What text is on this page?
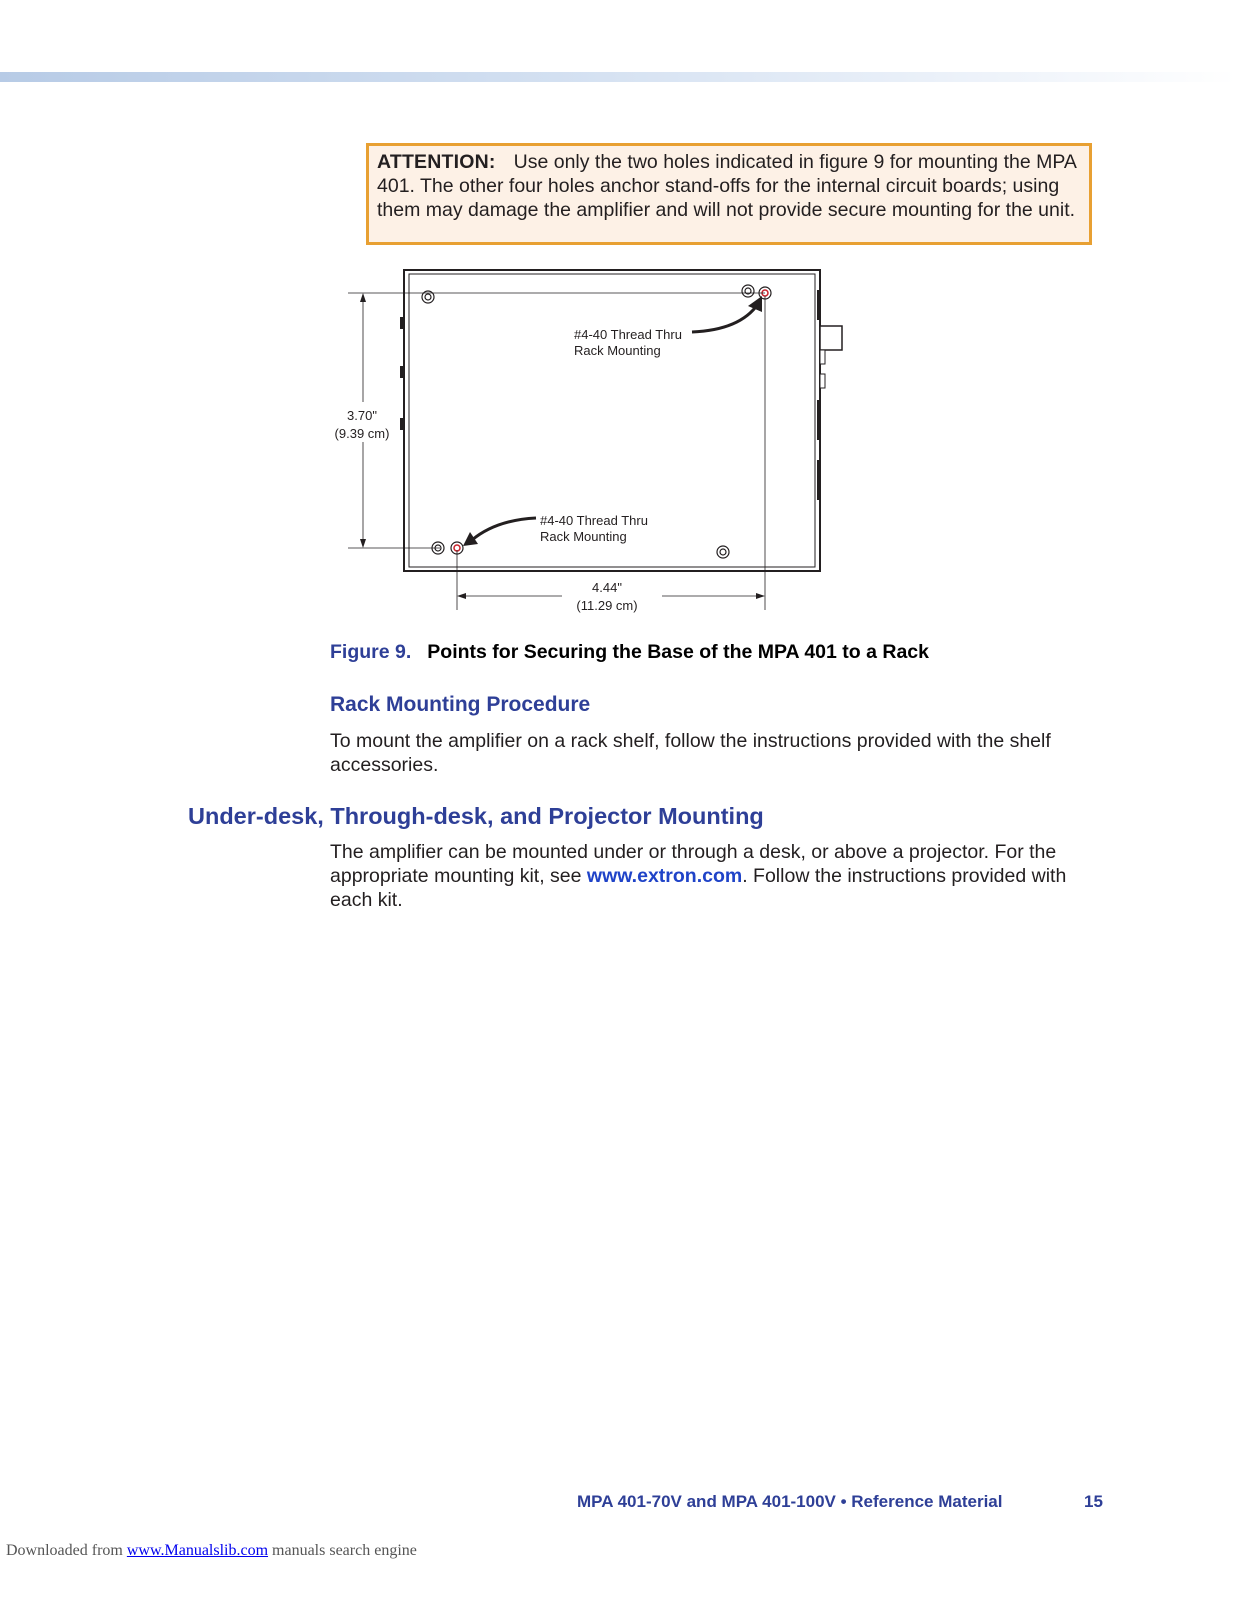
ATTENTION: Use only the two holes indicated in figure 9 for mounting the MPA 401. The other four holes anchor stand-offs for the internal circuit boards; using them may damage the amplifier and will not provide secure mounting for the unit.
3.70"
(9.39 cm)
4.44"
(11.29 cm)
#4-40 Thread Thru
Rack Mounting
#4-40 Thread Thru
Rack Mounting
Figure 9. Points for Securing the Base of the MPA 401 to a Rack
Rack Mounting Procedure
To mount the amplifier on a rack shelf, follow the instructions provided with the shelf accessories.
Under-desk, Through-desk, and Projector Mounting
The amplifier can be mounted under or through a desk, or above a projector. For the appropriate mounting kit, see www.extron.com. Follow the instructions provided with each kit.
MPA 401-70V and MPA 401-100V • Reference Material	15
Downloaded from www.Manualslib.com manuals search engine
